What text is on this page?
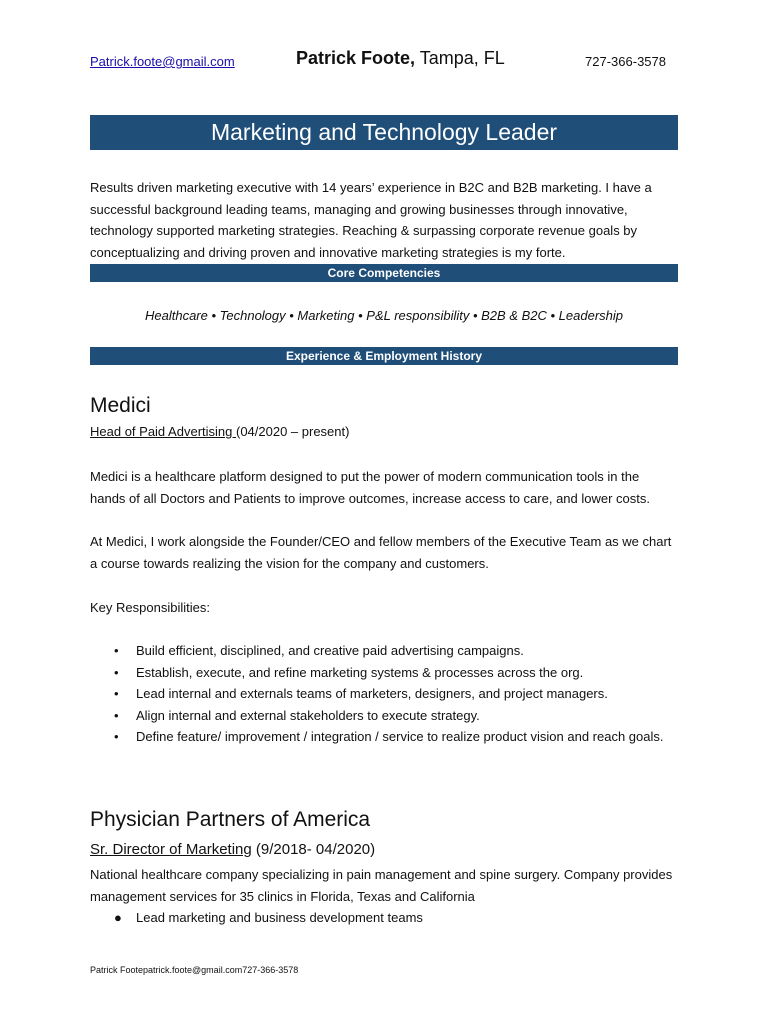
Patrick.foote@gmail.com	Patrick Foote, Tampa, FL	727-366-3578
Marketing and Technology Leader
Results driven marketing executive with 14 years’ experience in B2C and B2B marketing. I have a successful background leading teams, managing and growing businesses through innovative, technology supported marketing strategies. Reaching & surpassing corporate revenue goals by conceptualizing and driving proven and innovative marketing strategies is my forte.
Core Competencies
Healthcare • Technology • Marketing • P&L responsibility • B2B & B2C • Leadership
Experience & Employment History
Medici
Head of Paid Advertising (04/2020 – present)
Medici is a healthcare platform designed to put the power of modern communication tools in the hands of all Doctors and Patients to improve outcomes, increase access to care, and lower costs.
At Medici, I work alongside the Founder/CEO and fellow members of the Executive Team as we chart a course towards realizing the vision for the company and customers.
Key Responsibilities:
• Build efficient, disciplined, and creative paid advertising campaigns.
• Establish, execute, and refine marketing systems & processes across the org.
• Lead internal and externals teams of marketers, designers, and project managers.
• Align internal and external stakeholders to execute strategy.
• Define feature/ improvement / integration / service to realize product vision and reach goals.
Physician Partners of America
Sr. Director of Marketing (9/2018- 04/2020)
National healthcare company specializing in pain management and spine surgery. Company provides management services for 35 clinics in Florida, Texas and California
● Lead marketing and business development teams
Patrick Footepatrick.foote@gmail.com727-366-3578
